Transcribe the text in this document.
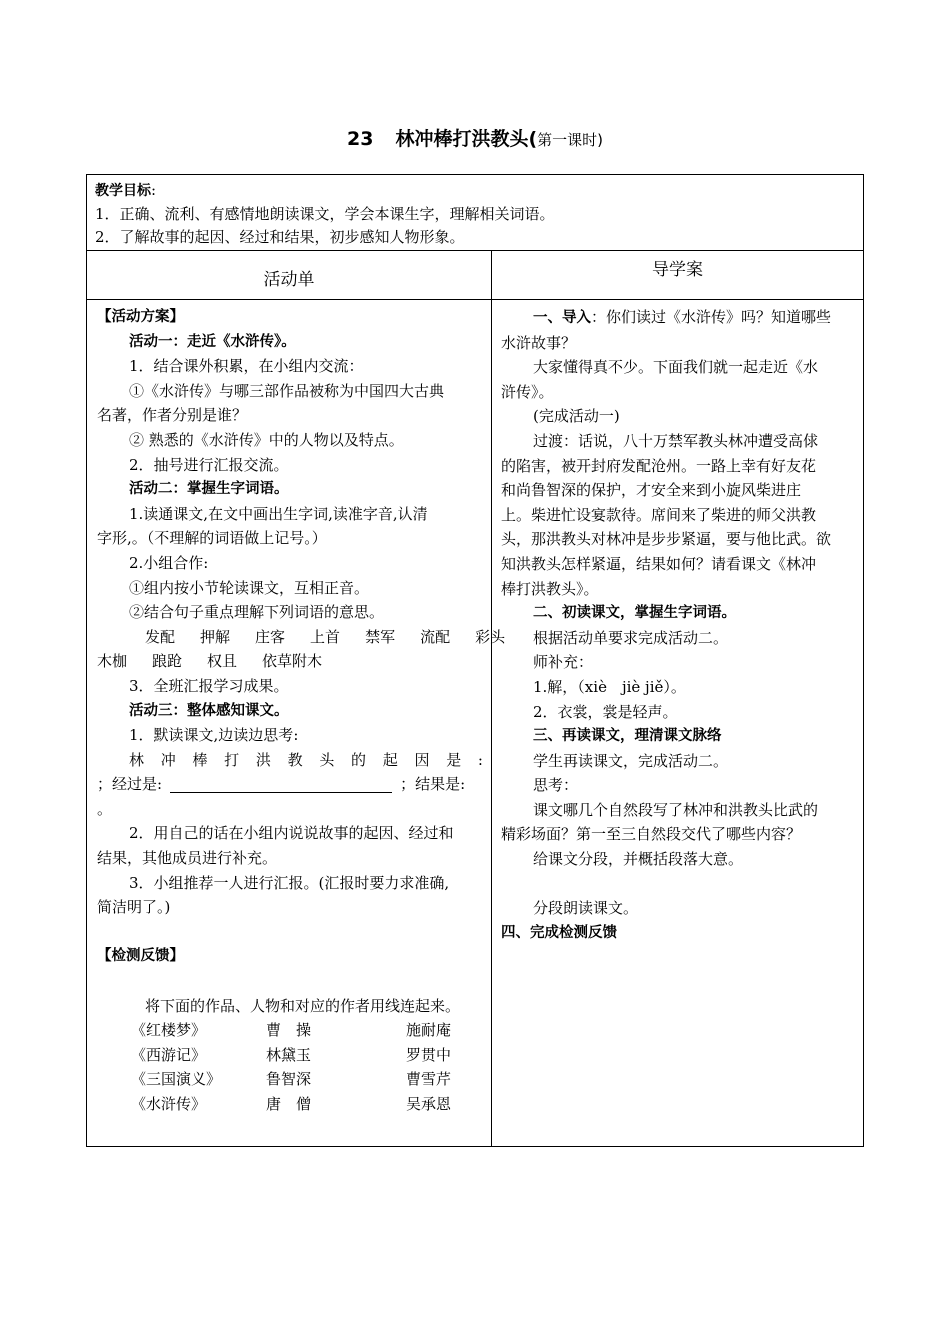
23 林冲棒打洪教头(第一课时)
教学目标:
1．正确、流利、有感情地朗读课文，学会本课生字，理解相关词语。
2．了解故事的起因、经过和结果，初步感知人物形象。
活动单	导学案

【活动方案】

活动一：走近《水浒传》。

1．结合课外积累，在小组内交流：

①《水浒传》与哪三部作品被称为中国四大古典

名著，作者分别是谁？

② 熟悉的《水浒传》中的人物以及特点。

2．抽号进行汇报交流。

活动二：掌握生字词语。

1.读通课文,在文中画出生字词,读准字音,认清

字形,。（不理解的词语做上记号。）

2.小组合作:

①组内按小节轮读课文，互相正音。

②结合句子重点理解下列词语的意思。

发配 押解 庄客 上首 禁军 流配 彩头

木枷 踉跄 权且 依草附木

3．全班汇报学习成果。

活动三：整体感知课文。

1．默读课文,边读边思考:

林 冲 棒 打 洪 教 头 的 起 因 是 :

；经过是:	；结果是:

。

2．用自己的话在小组内说说故事的起因、经过和

结果，其他成员进行补充。

3．小组推荐一人进行汇报。(汇报时要力求准确,

简洁明了。)

【检测反馈】

将下面的作品、人物和对应的作者用线连起来。

《红楼梦》	曹　操	施耐庵
《西游记》	林黛玉	罗贯中
《三国演义》	鲁智深	曹雪芹
《水浒传》	唐　僧	吴承恩

一、导入：你们读过《水浒传》吗？知道哪些

水浒故事？

大家懂得真不少。下面我们就一起走近《水

浒传》。

(完成活动一)

过渡：话说，八十万禁军教头林冲遭受高俅

的陷害，被开封府发配沧州。一路上幸有好友花

和尚鲁智深的保护，才安全来到小旋风柴进庄

上。柴进忙设宴款待。席间来了柴进的师父洪教

头，那洪教头对林冲是步步紧逼，要与他比武。欲

知洪教头怎样紧逼，结果如何？请看课文《林冲

棒打洪教头》。

二、初读课文，掌握生字词语。

根据活动单要求完成活动二。

师补充：

1.解，（xiè　jiè jiě）。

2．衣裳，裳是轻声。

三、再读课文，理清课文脉络

学生再读课文，完成活动二。

思考：

课文哪几个自然段写了林冲和洪教头比武的

精彩场面？第一至三自然段交代了哪些内容？

给课文分段，并概括段落大意。

分段朗读课文。

四、完成检测反馈
